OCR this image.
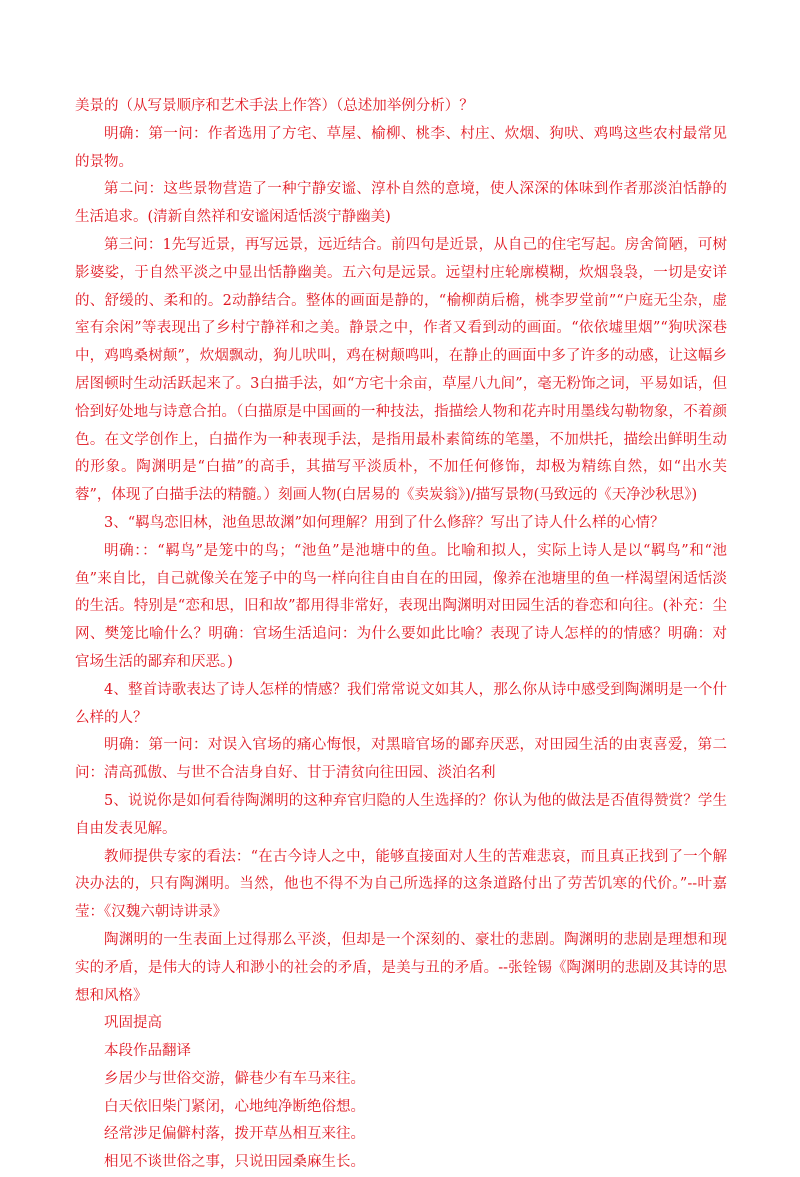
美景的（从写景顺序和艺术手法上作答）（总述加举例分析）？

明确：第一问：作者选用了方宅、草屋、榆柳、桃李、村庄、炊烟、狗吠、鸡鸣这些农村最常见的景物。

第二问：这些景物营造了一种宁静安谧、淳朴自然的意境，使人深深的体味到作者那淡泊恬静的生活追求。(清新自然祥和安谧闲适恬淡宁静幽美)

第三问：1先写近景，再写远景，远近结合。前四句是近景，从自己的住宅写起。房舍简陋，可树影婆娑，于自然平淡之中显出恬静幽美。五六句是远景。远望村庄轮廓模糊，炊烟袅袅，一切是安详的、舒缓的、柔和的。2动静结合。整体的画面是静的，“榆柳荫后檐，桃李罗堂前”“户庭无尘杂，虚室有余闲”等表现出了乡村宁静祥和之美。静景之中，作者又看到动的画面。“依依墟里烟”“狗吠深巷中，鸡鸣桑树颠”，炊烟飘动，狗儿吠叫，鸡在树颠鸣叫，在静止的画面中多了许多的动感，让这幅乡居图顿时生动活跃起来了。3白描手法，如“方宅十余亩，草屋八九间”，毫无粉饰之词，平易如话，但恰到好处地与诗意合拍。（白描原是中国画的一种技法，指描绘人物和花卉时用墨线勾勒物象，不着颜色。在文学创作上，白描作为一种表现手法，是指用最朴素简练的笔墨，不加烘托，描绘出鲜明生动的形象。陶渊明是“白描”的高手，其描写平淡质朴，不加任何修饰，却极为精练自然，如“出水芙蓉”，体现了白描手法的精髓。）刻画人物(白居易的《卖炭翁》)/描写景物(马致远的《天净沙秋思》)

3、“羁鸟恋旧林，池鱼思故渊”如何理解？用到了什么修辞？写出了诗人什么样的心情？

明确：：“羁鸟”是笼中的鸟；“池鱼”是池塘中的鱼。比喻和拟人，实际上诗人是以“羁鸟”和“池鱼”来自比，自己就像关在笼子中的鸟一样向往自由自在的田园，像养在池塘里的鱼一样渴望闲适恬淡的生活。特别是“恋和思，旧和故”都用得非常好，表现出陶渊明对田园生活的眷恋和向往。(补充：尘网、樊笼比喻什么？明确：官场生活追问：为什么要如此比喻？表现了诗人怎样的的情感？明确：对官场生活的鄙弃和厌恶。)

4、整首诗歌表达了诗人怎样的情感？我们常常说文如其人，那么你从诗中感受到陶渊明是一个什么样的人？

明确：第一问：对误入官场的痛心悔恨，对黑暗官场的鄙弃厌恶，对田园生活的由衷喜爱，第二问：清高孤傲、与世不合洁身自好、甘于清贫向往田园、淡泊名利

5、说说你是如何看待陶渊明的这种弃官归隐的人生选择的？你认为他的做法是否值得赞赏？学生自由发表见解。

教师提供专家的看法：“在古今诗人之中，能够直接面对人生的苦难悲哀，而且真正找到了一个解决办法的，只有陶渊明。当然，他也不得不为自己所选择的这条道路付出了劳苦饥寒的代价。”--叶嘉莹：《汉魏六朝诗讲录》

陶渊明的一生表面上过得那么平淡，但却是一个深刻的、豪壮的悲剧。陶渊明的悲剧是理想和现实的矛盾，是伟大的诗人和渺小的社会的矛盾，是美与丑的矛盾。--张铨锡《陶渊明的悲剧及其诗的思想和风格》

巩固提高

本段作品翻译

乡居少与世俗交游，僻巷少有车马来往。

白天依旧柴门紧闭，心地纯净断绝俗想。

经常涉足偏僻村落，拨开草丛相互来往。

相见不谈世俗之事，只说田园桑麻生长。
